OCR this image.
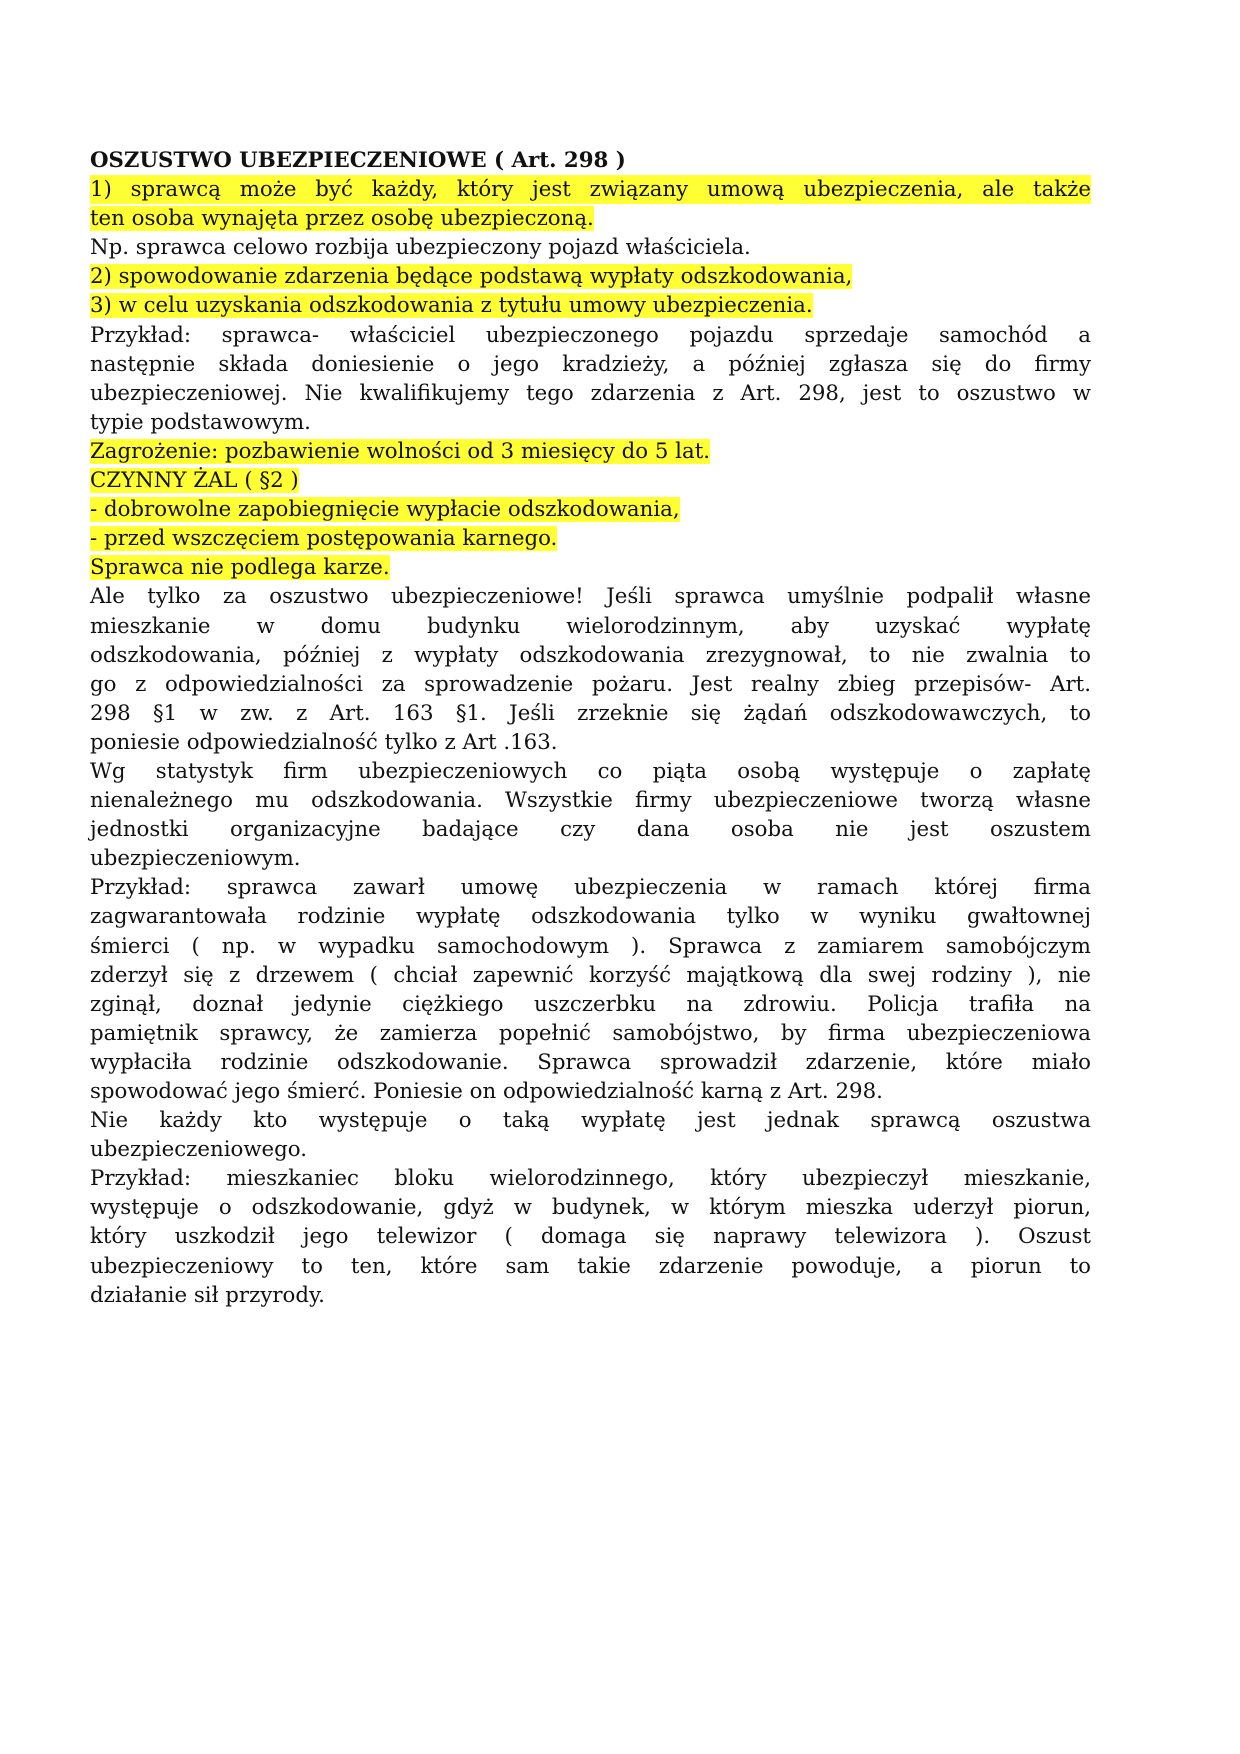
OSZUSTWO UBEZPIECZENIOWE ( Art. 298 )
1) sprawcą może być każdy, który jest związany umową ubezpieczenia, ale także
ten osoba wynajęta przez osobę ubezpieczoną.
Np. sprawca celowo rozbija ubezpieczony pojazd właściciela.
2) spowodowanie zdarzenia będące podstawą wypłaty odszkodowania,
3) w celu uzyskania odszkodowania z tytułu umowy ubezpieczenia.
Przykład: sprawca- właściciel ubezpieczonego pojazdu sprzedaje samochód a
następnie składa doniesienie o jego kradzieży, a później zgłasza się do firmy
ubezpieczeniowej. Nie kwalifikujemy tego zdarzenia z Art. 298, jest to oszustwo w
typie podstawowym.
Zagrożenie: pozbawienie wolności od 3 miesięcy do 5 lat.
CZYNNY ŻAL ( §2 )
- dobrowolne zapobiegnięcie wypłacie odszkodowania,
- przed wszczęciem postępowania karnego.
Sprawca nie podlega karze.
Ale tylko za oszustwo ubezpieczeniowe! Jeśli sprawca umyślnie podpalił własne
mieszkanie w domu budynku wielorodzinnym, aby uzyskać wypłatę
odszkodowania, później z wypłaty odszkodowania zrezygnował, to nie zwalnia to
go z odpowiedzialności za sprowadzenie pożaru. Jest realny zbieg przepisów- Art.
298 §1 w zw. z Art. 163 §1. Jeśli zrzeknie się żądań odszkodowawczych, to
poniesie odpowiedzialność tylko z Art .163.
Wg statystyk firm ubezpieczeniowych co piąta osobą występuje o zapłatę
nienależnego mu odszkodowania. Wszystkie firmy ubezpieczeniowe tworzą własne
jednostki organizacyjne badające czy dana osoba nie jest oszustem
ubezpieczeniowym.
Przykład: sprawca zawarł umowę ubezpieczenia w ramach której firma
zagwarantowała rodzinie wypłatę odszkodowania tylko w wyniku gwałtownej
śmierci ( np. w wypadku samochodowym ). Sprawca z zamiarem samobójczym
zderzył się z drzewem ( chciał zapewnić korzyść majątkową dla swej rodziny ), nie
zginął, doznał jedynie ciężkiego uszczerbku na zdrowiu. Policja trafiła na
pamiętnik sprawcy, że zamierza popełnić samobójstwo, by firma ubezpieczeniowa
wypłaciła rodzinie odszkodowanie. Sprawca sprowadził zdarzenie, które miało
spowodować jego śmierć. Poniesie on odpowiedzialność karną z Art. 298.
Nie każdy kto występuje o taką wypłatę jest jednak sprawcą oszustwa
ubezpieczeniowego.
Przykład: mieszkaniec bloku wielorodzinnego, który ubezpieczył mieszkanie,
występuje o odszkodowanie, gdyż w budynek, w którym mieszka uderzył piorun,
który uszkodził jego telewizor ( domaga się naprawy telewizora ). Oszust
ubezpieczeniowy to ten, które sam takie zdarzenie powoduje, a piorun to
działanie sił przyrody.
